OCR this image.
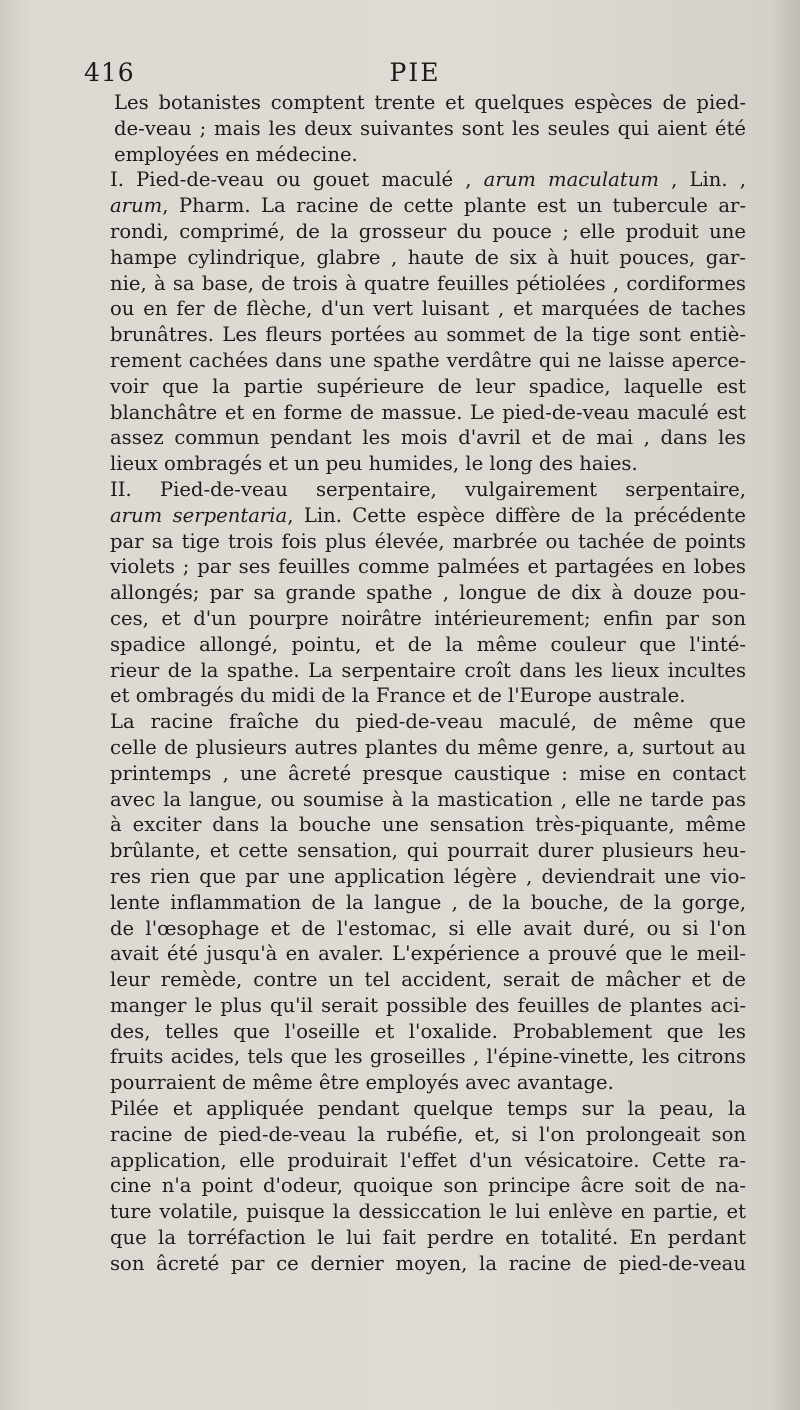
416	PIE

Les botanistes comptent trente et quelques espèces de pied-
de-veau ; mais les deux suivantes sont les seules qui aient été
employées en médecine.

I. Pied-de-veau ou gouet maculé , arum maculatum , Lin. ,
arum, Pharm. La racine de cette plante est un tubercule ar-
rondi, comprimé, de la grosseur du pouce ; elle produit une
hampe cylindrique, glabre , haute de six à huit pouces, gar-
nie, à sa base, de trois à quatre feuilles pétiolées , cordiformes
ou en fer de flèche, d'un vert luisant , et marquées de taches
brunâtres. Les fleurs portées au sommet de la tige sont entiè-
rement cachées dans une spathe verdâtre qui ne laisse aperce-
voir que la partie supérieure de leur spadice, laquelle est
blanchâtre et en forme de massue. Le pied-de-veau maculé est
assez commun pendant les mois d'avril et de mai , dans les
lieux ombragés et un peu humides, le long des haies.

II. Pied-de-veau serpentaire, vulgairement serpentaire,
arum serpentaria, Lin. Cette espèce diffère de la précédente
par sa tige trois fois plus élevée, marbrée ou tachée de points
violets ; par ses feuilles comme palmées et partagées en lobes
allongés; par sa grande spathe , longue de dix à douze pou-
ces, et d'un pourpre noirâtre intérieurement; enfin par son
spadice allongé, pointu, et de la même couleur que l'inté-
rieur de la spathe. La serpentaire croît dans les lieux incultes
et ombragés du midi de la France et de l'Europe australe.

La racine fraîche du pied-de-veau maculé, de même que
celle de plusieurs autres plantes du même genre, a, surtout au
printemps , une âcreté presque caustique : mise en contact
avec la langue, ou soumise à la mastication , elle ne tarde pas
à exciter dans la bouche une sensation très-piquante, même
brûlante, et cette sensation, qui pourrait durer plusieurs heu-
res rien que par une application légère , deviendrait une vio-
lente inflammation de la langue , de la bouche, de la gorge,
de l'œsophage et de l'estomac, si elle avait duré, ou si l'on
avait été jusqu'à en avaler. L'expérience a prouvé que le meil-
leur remède, contre un tel accident, serait de mâcher et de
manger le plus qu'il serait possible des feuilles de plantes aci-
des, telles que l'oseille et l'oxalide. Probablement que les
fruits acides, tels que les groseilles , l'épine-vinette, les citrons
pourraient de même être employés avec avantage.

Pilée et appliquée pendant quelque temps sur la peau, la
racine de pied-de-veau la rubéfie, et, si l'on prolongeait son
application, elle produirait l'effet d'un vésicatoire. Cette ra-
cine n'a point d'odeur, quoique son principe âcre soit de na-
ture volatile, puisque la dessiccation le lui enlève en partie, et
que la torréfaction le lui fait perdre en totalité. En perdant
son âcreté par ce dernier moyen, la racine de pied-de-veau
